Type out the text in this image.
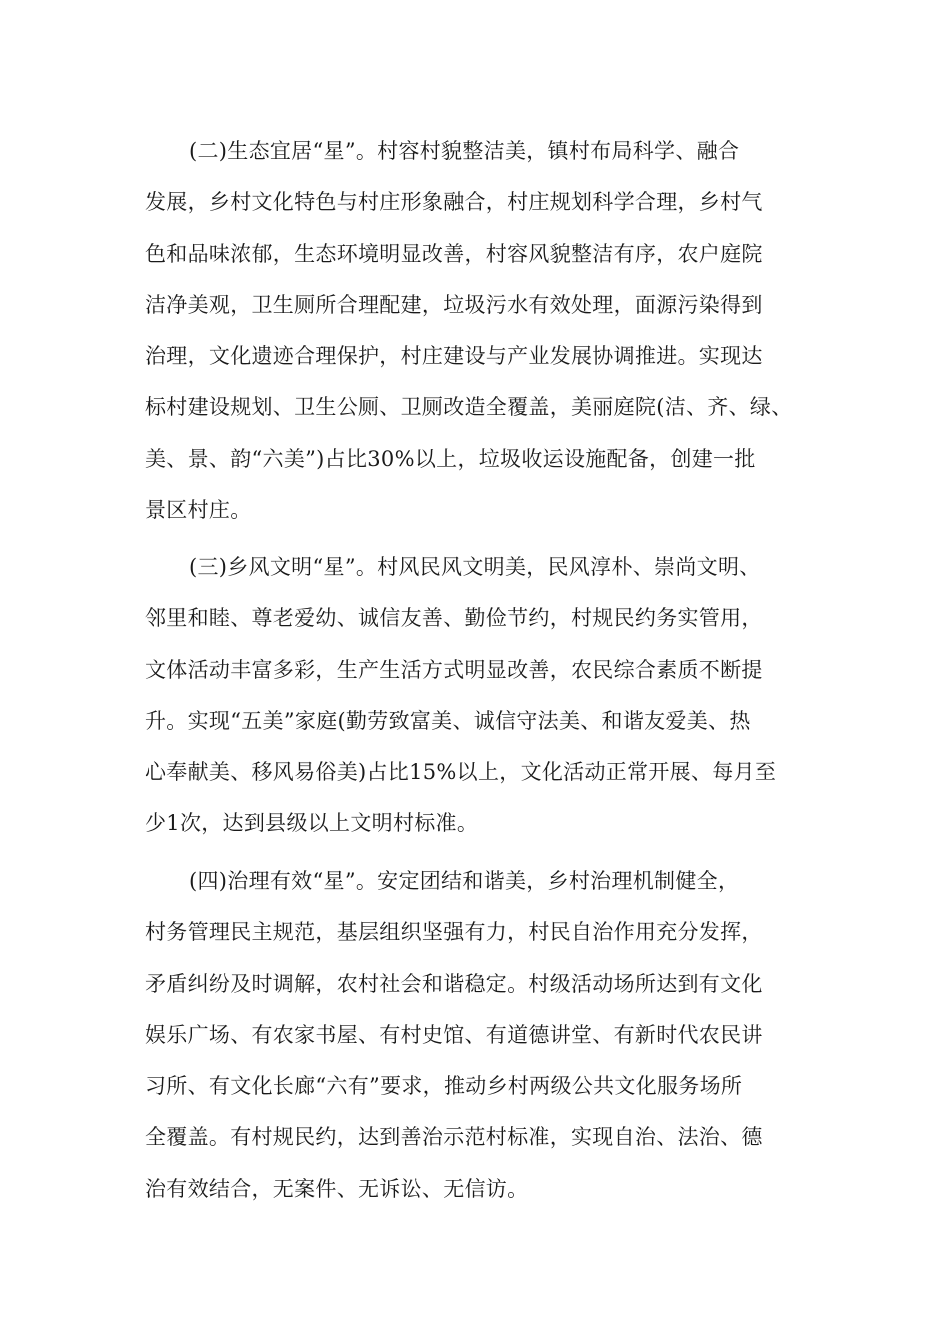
(二)生态宜居“星”。村容村貌整洁美，镇村布局科学、融合
发展，乡村文化特色与村庄形象融合，村庄规划科学合理，乡村气
色和品味浓郁，生态环境明显改善，村容风貌整洁有序，农户庭院
洁净美观，卫生厕所合理配建，垃圾污水有效处理，面源污染得到
治理，文化遗迹合理保护，村庄建设与产业发展协调推进。实现达
标村建设规划、卫生公厕、卫厕改造全覆盖，美丽庭院(洁、齐、绿、
美、景、韵“六美”)占比30%以上，垃圾收运设施配备，创建一批
景区村庄。
(三)乡风文明“星”。村风民风文明美，民风淳朴、崇尚文明、
邻里和睦、尊老爱幼、诚信友善、勤俭节约，村规民约务实管用，
文体活动丰富多彩，生产生活方式明显改善，农民综合素质不断提
升。实现“五美”家庭(勤劳致富美、诚信守法美、和谐友爱美、热
心奉献美、移风易俗美)占比15%以上，文化活动正常开展、每月至
少1次，达到县级以上文明村标准。
(四)治理有效“星”。安定团结和谐美，乡村治理机制健全，
村务管理民主规范，基层组织坚强有力，村民自治作用充分发挥，
矛盾纠纷及时调解，农村社会和谐稳定。村级活动场所达到有文化
娱乐广场、有农家书屋、有村史馆、有道德讲堂、有新时代农民讲
习所、有文化长廊“六有”要求，推动乡村两级公共文化服务场所
全覆盖。有村规民约，达到善治示范村标准，实现自治、法治、德
治有效结合，无案件、无诉讼、无信访。
